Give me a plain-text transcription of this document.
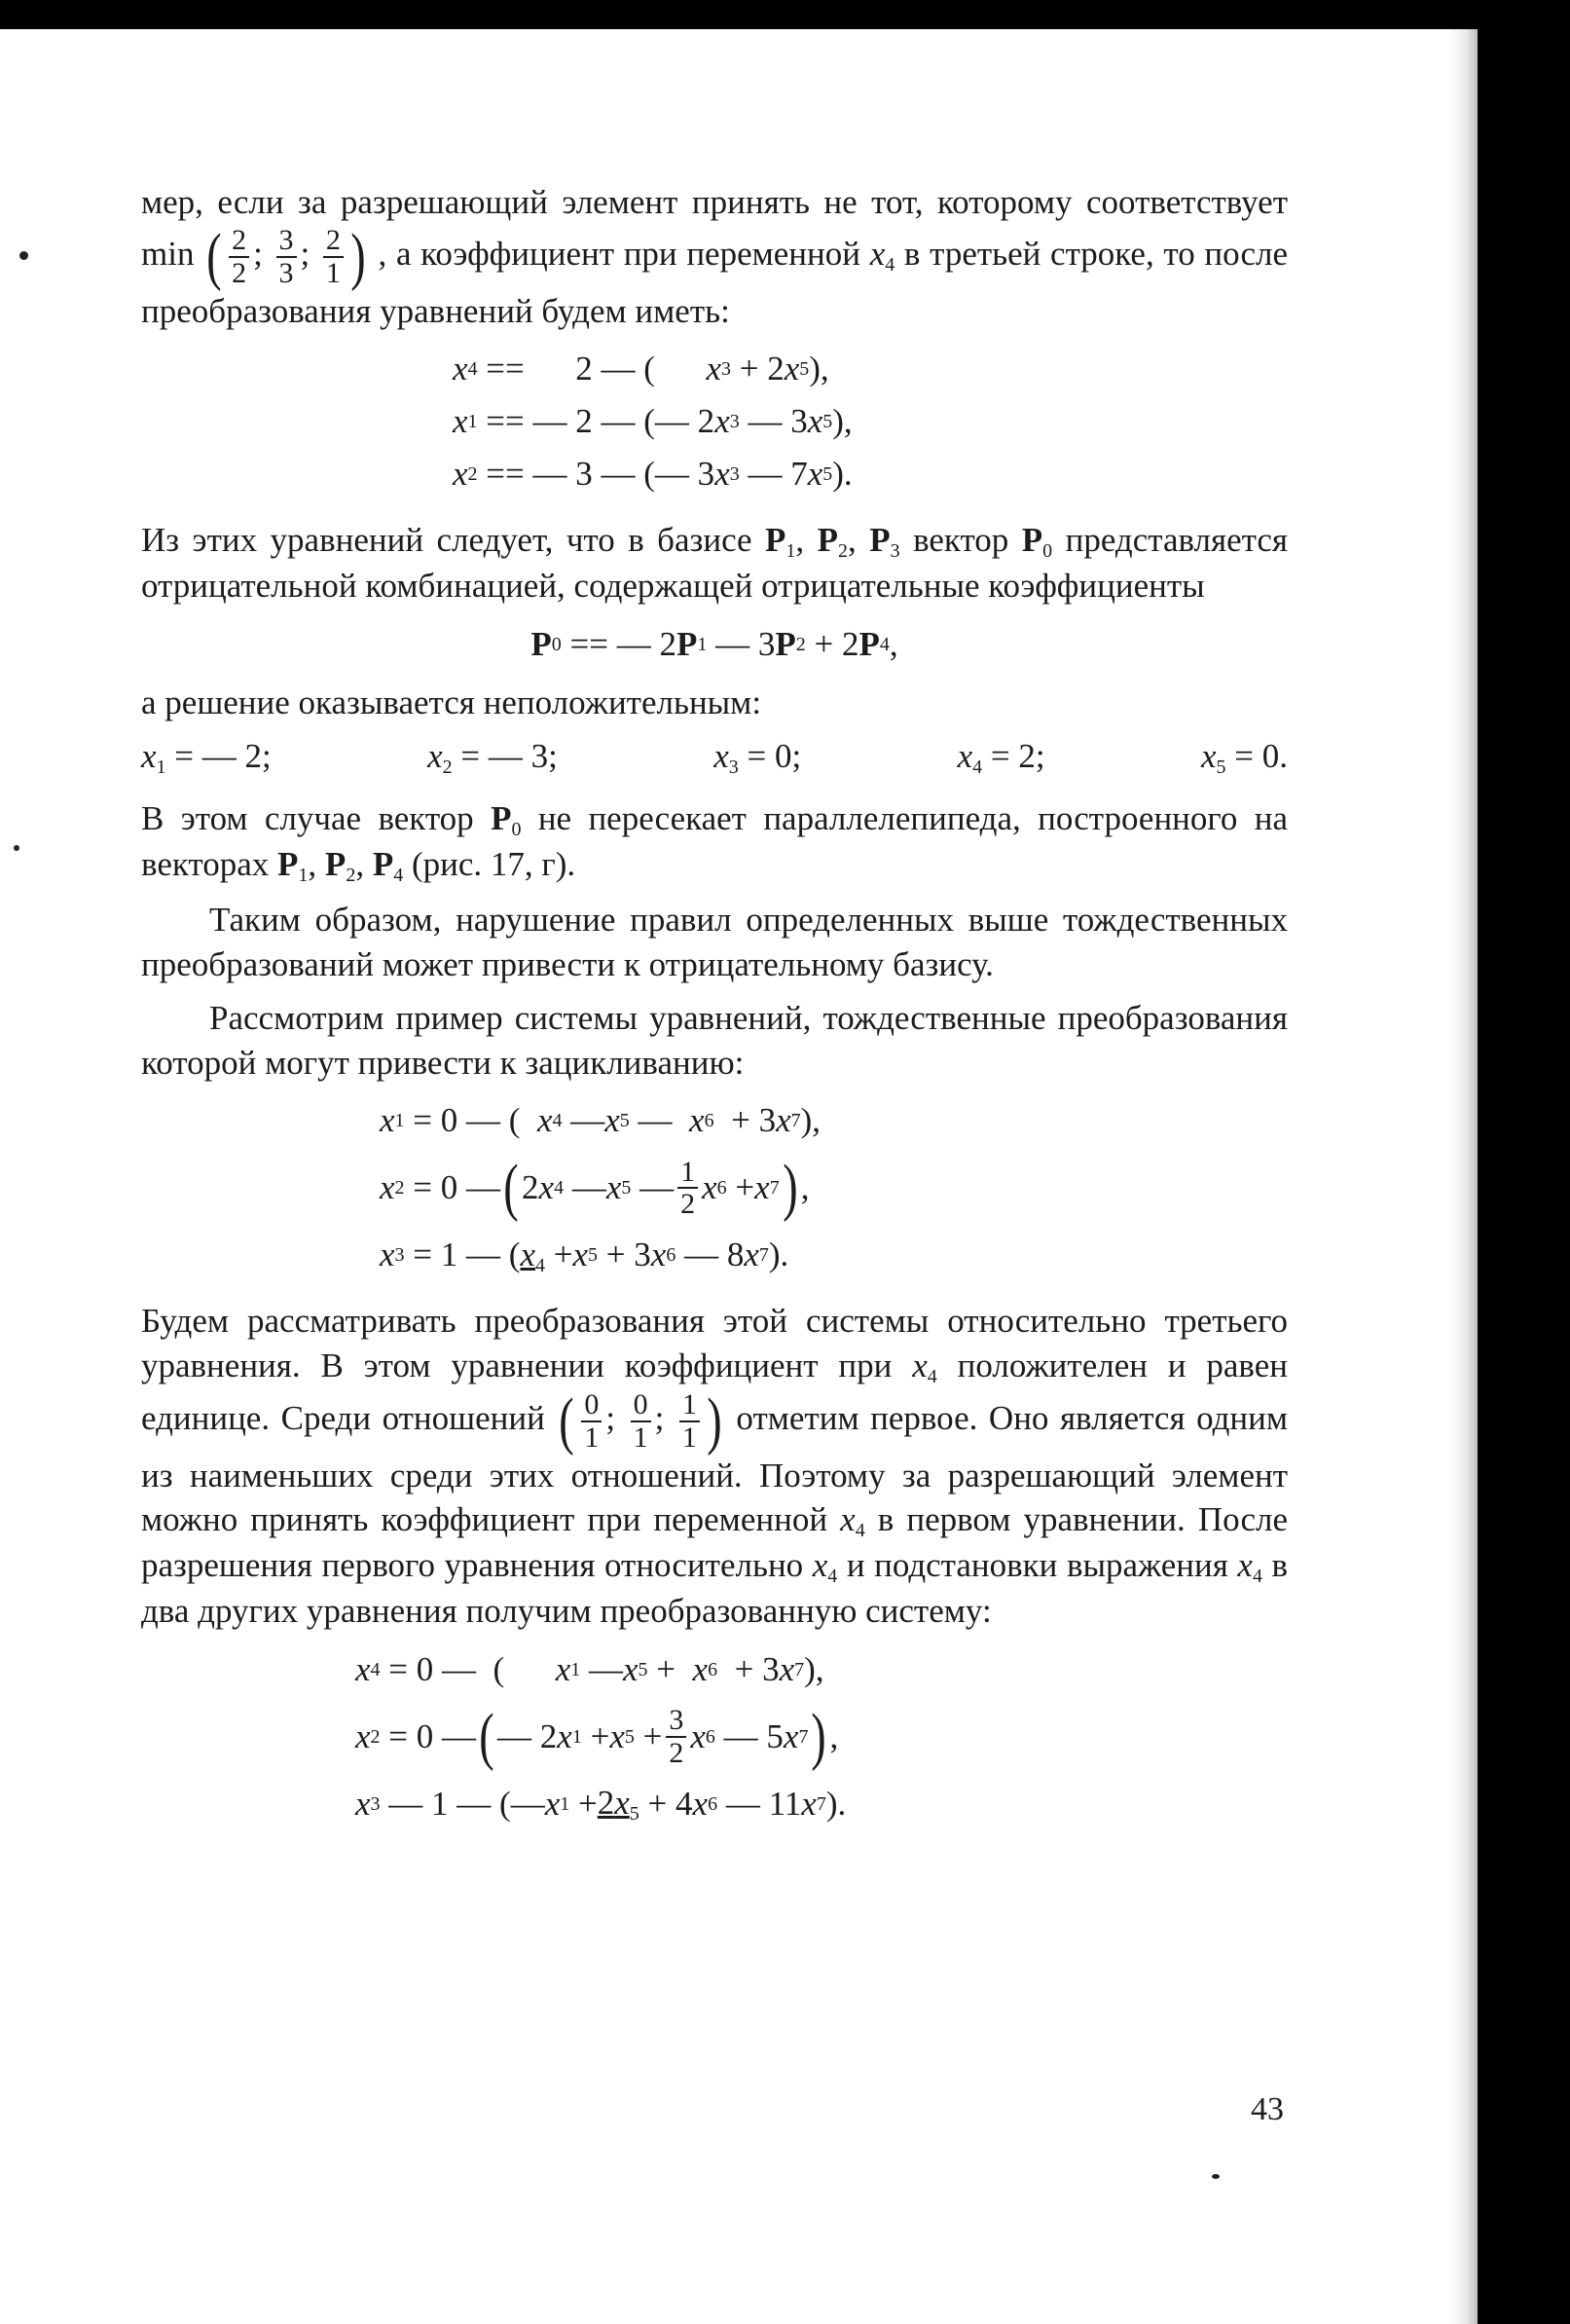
мер, если за разрешающий элемент принять не тот, которому соответствует min ( $\frac{2}{2}$ ; $\frac{3}{3}$ ; $\frac{2}{1}$ ) , а коэффициент при переменной $x_4$ в третьей строке, то после преобразования уравнений будем иметь:

x 4 ==      2 — ( x 3 + 2 x 5 ),
x 1 == — 2 — (— 2 x 3 — 3 x 5 ),
x 2 == — 3 — (— 3 x 3 — 7 x 5 ).

Из этих уравнений следует, что в базисе $P_1$, $P_2$, $P_3$ вектор $P_0$ представляется отрицательной комбинацией, содержащей отрицательные коэффициенты

P 0 == — 2 P 1 — 3 P 2 + 2 P 4 ,

а решение оказывается неположительным:

$x_1$ = — 2;	$x_2$ = — 3;	$x_3 = 0$;	$x_4 = 2$;	$x_5 = 0$.

В этом случае вектор $P_0$ не пересекает параллелепипеда, построенного на векторах $P_1$, $P_2$, $P_4$ (рис. 17, г).

Таким образом, нарушение правил определенных выше тождественных преобразований может привести к отрицательному базису.

Рассмотрим пример системы уравнений, тождественные преобразования которой могут привести к зацикливанию:

x 1 = 0 — ( x 4 — x 5 — x 6 + 3 x 7 ),
x 2 = 0 — ( 2 x 4 — x 5 — $\frac{1}{2}$ x 6 + x 7 ) ,
x 3 = 1 — ( $x_4 + x$ 5 + 3 x 6 — 8 x 7 ).

Будем рассматривать преобразования этой системы относительно третьего уравнения. В этом уравнении коэффициент при $x_4$ положителен и равен единице. Среди отношений ( $\frac{0}{1}$ ; $\frac{0}{1}$ ; $\frac{1}{1}$ ) отметим первое. Оно является одним из наименьших среди этих отношений. Поэтому за разрешающий элемент можно принять коэффициент при переменной $x_4$ в первом уравнении. После разрешения первого уравнения относительно $x_4$ и подстановки выражения $x_4$ в два других уравнения получим преобразованную систему:

x 4 = 0 —  ( x 1 — x 5 + x 6 + 3 x 7 ),
x 2 = 0 — ( — 2 x 1 + x $5 + \frac{3}{2}$ x 6 — 5 x 7 ) ,
x 3 — 1 — (— x $1 + 2x_5 + 4$ x 6 — 11 x 7 ).
43
